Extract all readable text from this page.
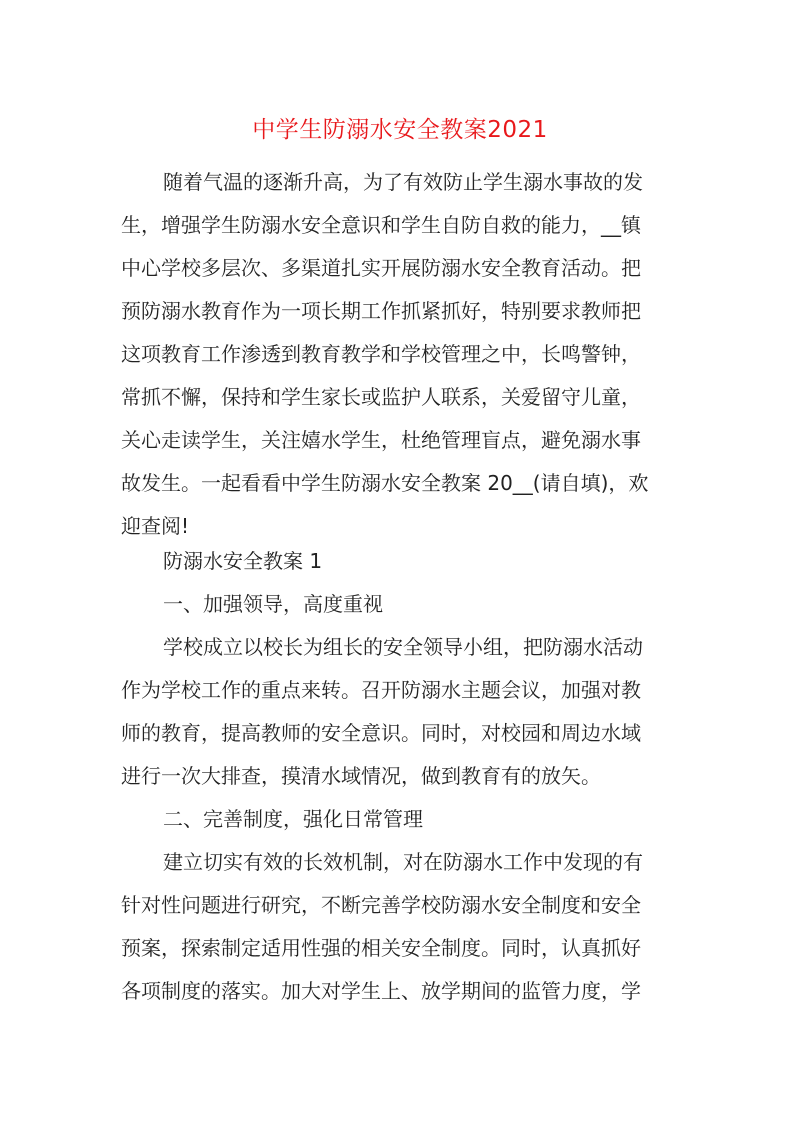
中学生防溺水安全教案2021
随着气温的逐渐升高，为了有效防止学生溺水事故的发
生，增强学生防溺水安全意识和学生自防自救的能力，__镇
中心学校多层次、多渠道扎实开展防溺水安全教育活动。把
预防溺水教育作为一项长期工作抓紧抓好，特别要求教师把
这项教育工作渗透到教育教学和学校管理之中，长鸣警钟，
常抓不懈，保持和学生家长或监护人联系，关爱留守儿童，
关心走读学生，关注嬉水学生，杜绝管理盲点，避免溺水事
故发生。一起看看中学生防溺水安全教案 20__(请自填)，欢
迎查阅!
防溺水安全教案 1
一、加强领导，高度重视
学校成立以校长为组长的安全领导小组，把防溺水活动
作为学校工作的重点来转。召开防溺水主题会议，加强对教
师的教育，提高教师的安全意识。同时，对校园和周边水域
进行一次大排查，摸清水域情况，做到教育有的放矢。
二、完善制度，强化日常管理
建立切实有效的长效机制，对在防溺水工作中发现的有
针对性问题进行研究，不断完善学校防溺水安全制度和安全
预案，探索制定适用性强的相关安全制度。同时，认真抓好
各项制度的落实。加大对学生上、放学期间的监管力度，学
